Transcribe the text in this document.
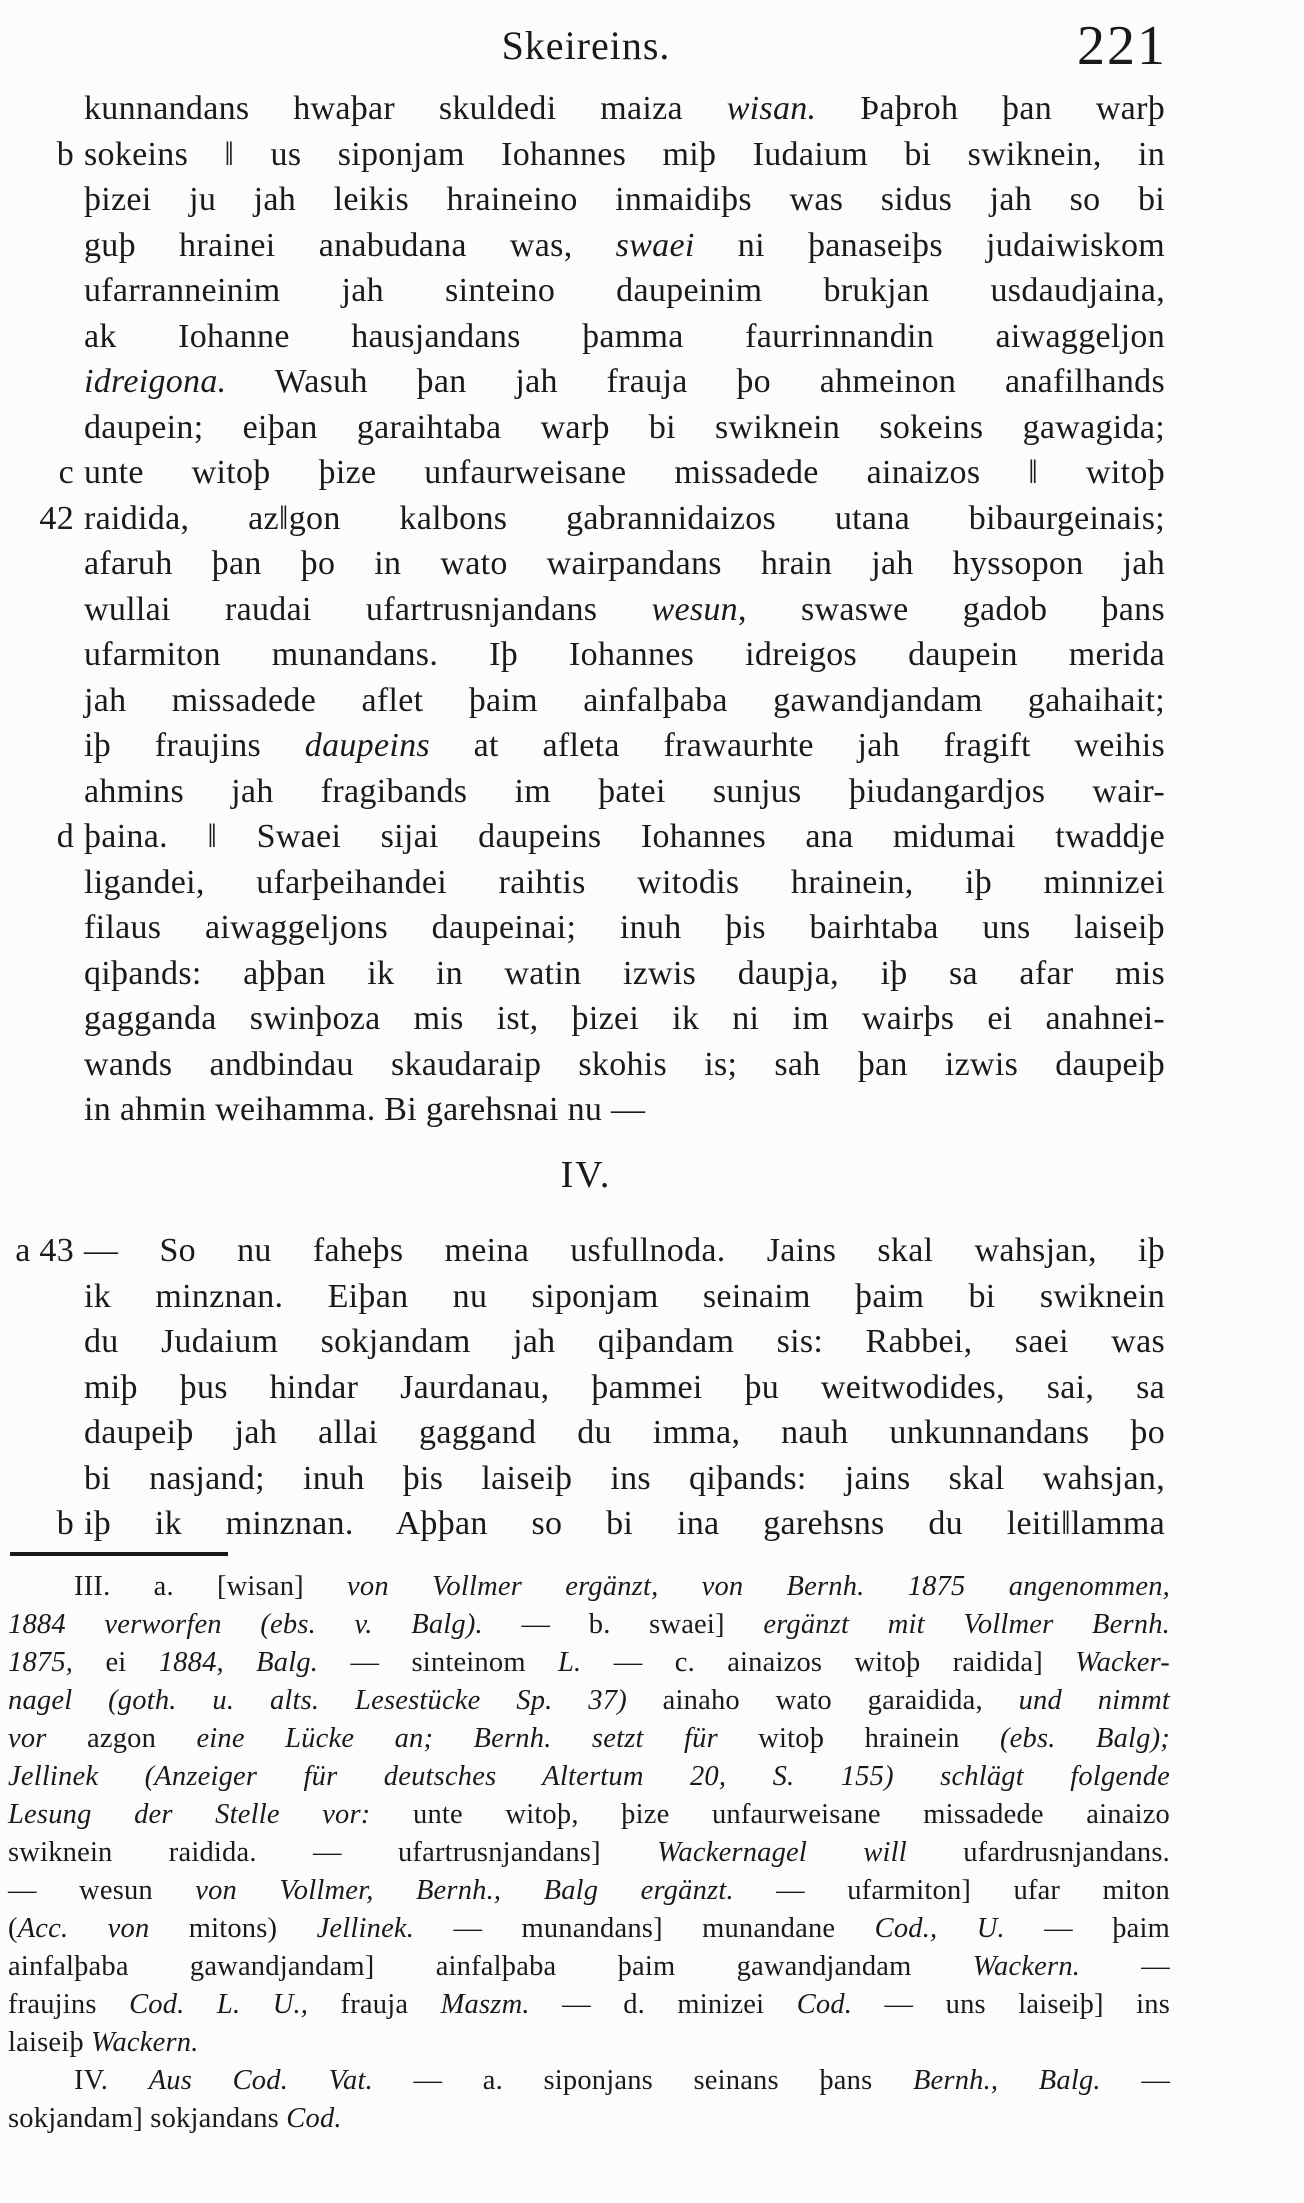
Skeireins.	221
kunnandans hwaþar skuldedi maiza wisan. Þaþroh þan warþ
b sokeins ‖ us siponjam Iohannes miþ Iudaium bi swiknein, in
þizei ju jah leikis hraineino inmaidiþs was sidus jah so bi
guþ hrainei anabudana was, swaei ni þanaseiþs judaiwiskom
ufarranneinim jah sinteino daupeinim brukjan usdaudjaina,
ak Iohanne hausjandans þamma faurrinnandin aiwaggeljon
idreigona. Wasuh þan jah frauja þo ahmeinon anafilhands
daupein; eiþan garaihtaba warþ bi swiknein sokeins gawagida;
c unte witoþ þize unfaurweisane missadede ainaizos ‖ witoþ
42 raidida, az‖gon kalbons gabrannidaizos utana bibaurgeinais;
afaruh þan þo in wato wairpandans hrain jah hyssopon jah
wullai raudai ufartrusnjandans wesun, swaswe gadob þans
ufarmiton munandans. Iþ Iohannes idreigos daupein merida
jah missadede aflet þaim ainfalþaba gawandjandam gahaihait;
iþ fraujins daupeins at afleta frawaurhte jah fragift weihis
ahmins jah fragibands im þatei sunjus þiudangardjos wair-
d þaina. ‖ Swaei sijai daupeins Iohannes ana midumai twaddje
ligandei, ufarþeihandei raihtis witodis hrainein, iþ minnizei
filaus aiwaggeljons daupeinai; inuh þis bairhtaba uns laiseiþ
qiþands: aþþan ik in watin izwis daupja, iþ sa afar mis
gagganda swinþoza mis ist, þizei ik ni im wairþs ei anahnei-
wands andbindau skaudaraip skohis is; sah þan izwis daupeiþ
in ahmin weihamma. Bi garehsnai nu —
IV.
a 43 — So nu faheþs meina usfullnoda. Jains skal wahsjan, iþ
ik minznan. Eiþan nu siponjam seinaim þaim bi swiknein
du Judaium sokjandam jah qiþandam sis: Rabbei, saei was
miþ þus hindar Jaurdanau, þammei þu weitwodides, sai, sa
daupeiþ jah allai gaggand du imma, nauh unkunnandans þo
bi nasjand; inuh þis laiseiþ ins qiþands: jains skal wahsjan,
b iþ ik minznan. Aþþan so bi ina garehsns du leiti‖lamma
III. a. [wisan] von Vollmer ergänzt, von Bernh. 1875 angenommen,
1884 verworfen (ebs. v. Balg). — b. swaei] ergänzt mit Vollmer Bernh.
1875, ei 1884, Balg. — sinteinom L. — c. ainaizos witoþ raidida] Wacker-
nagel (goth. u. alts. Lesestücke Sp. 37) ainaho wato garaidida, und nimmt
vor azgon eine Lücke an; Bernh. setzt für witoþ hrainein (ebs. Balg);
Jellinek (Anzeiger für deutsches Altertum 20, S. 155) schlägt folgende
Lesung der Stelle vor: unte witoþ, þize unfaurweisane missadede ainaizo
swiknein raidida. — ufartrusnjandans] Wackernagel will ufardrusnjandans.
— wesun von Vollmer, Bernh., Balg ergänzt. — ufarmiton] ufar miton
(Acc. von mitons) Jellinek. — munandans] munandane Cod., U. — þaim
ainfalþaba gawandjandam] ainfalþaba þaim gawandjandam Wackern. —
fraujins Cod. L. U., frauja Maszm. — d. minizei Cod. — uns laiseiþ] ins
laiseiþ Wackern.
IV. Aus Cod. Vat. — a. siponjans seinans þans Bernh., Balg. —
sokjandam] sokjandans Cod.
